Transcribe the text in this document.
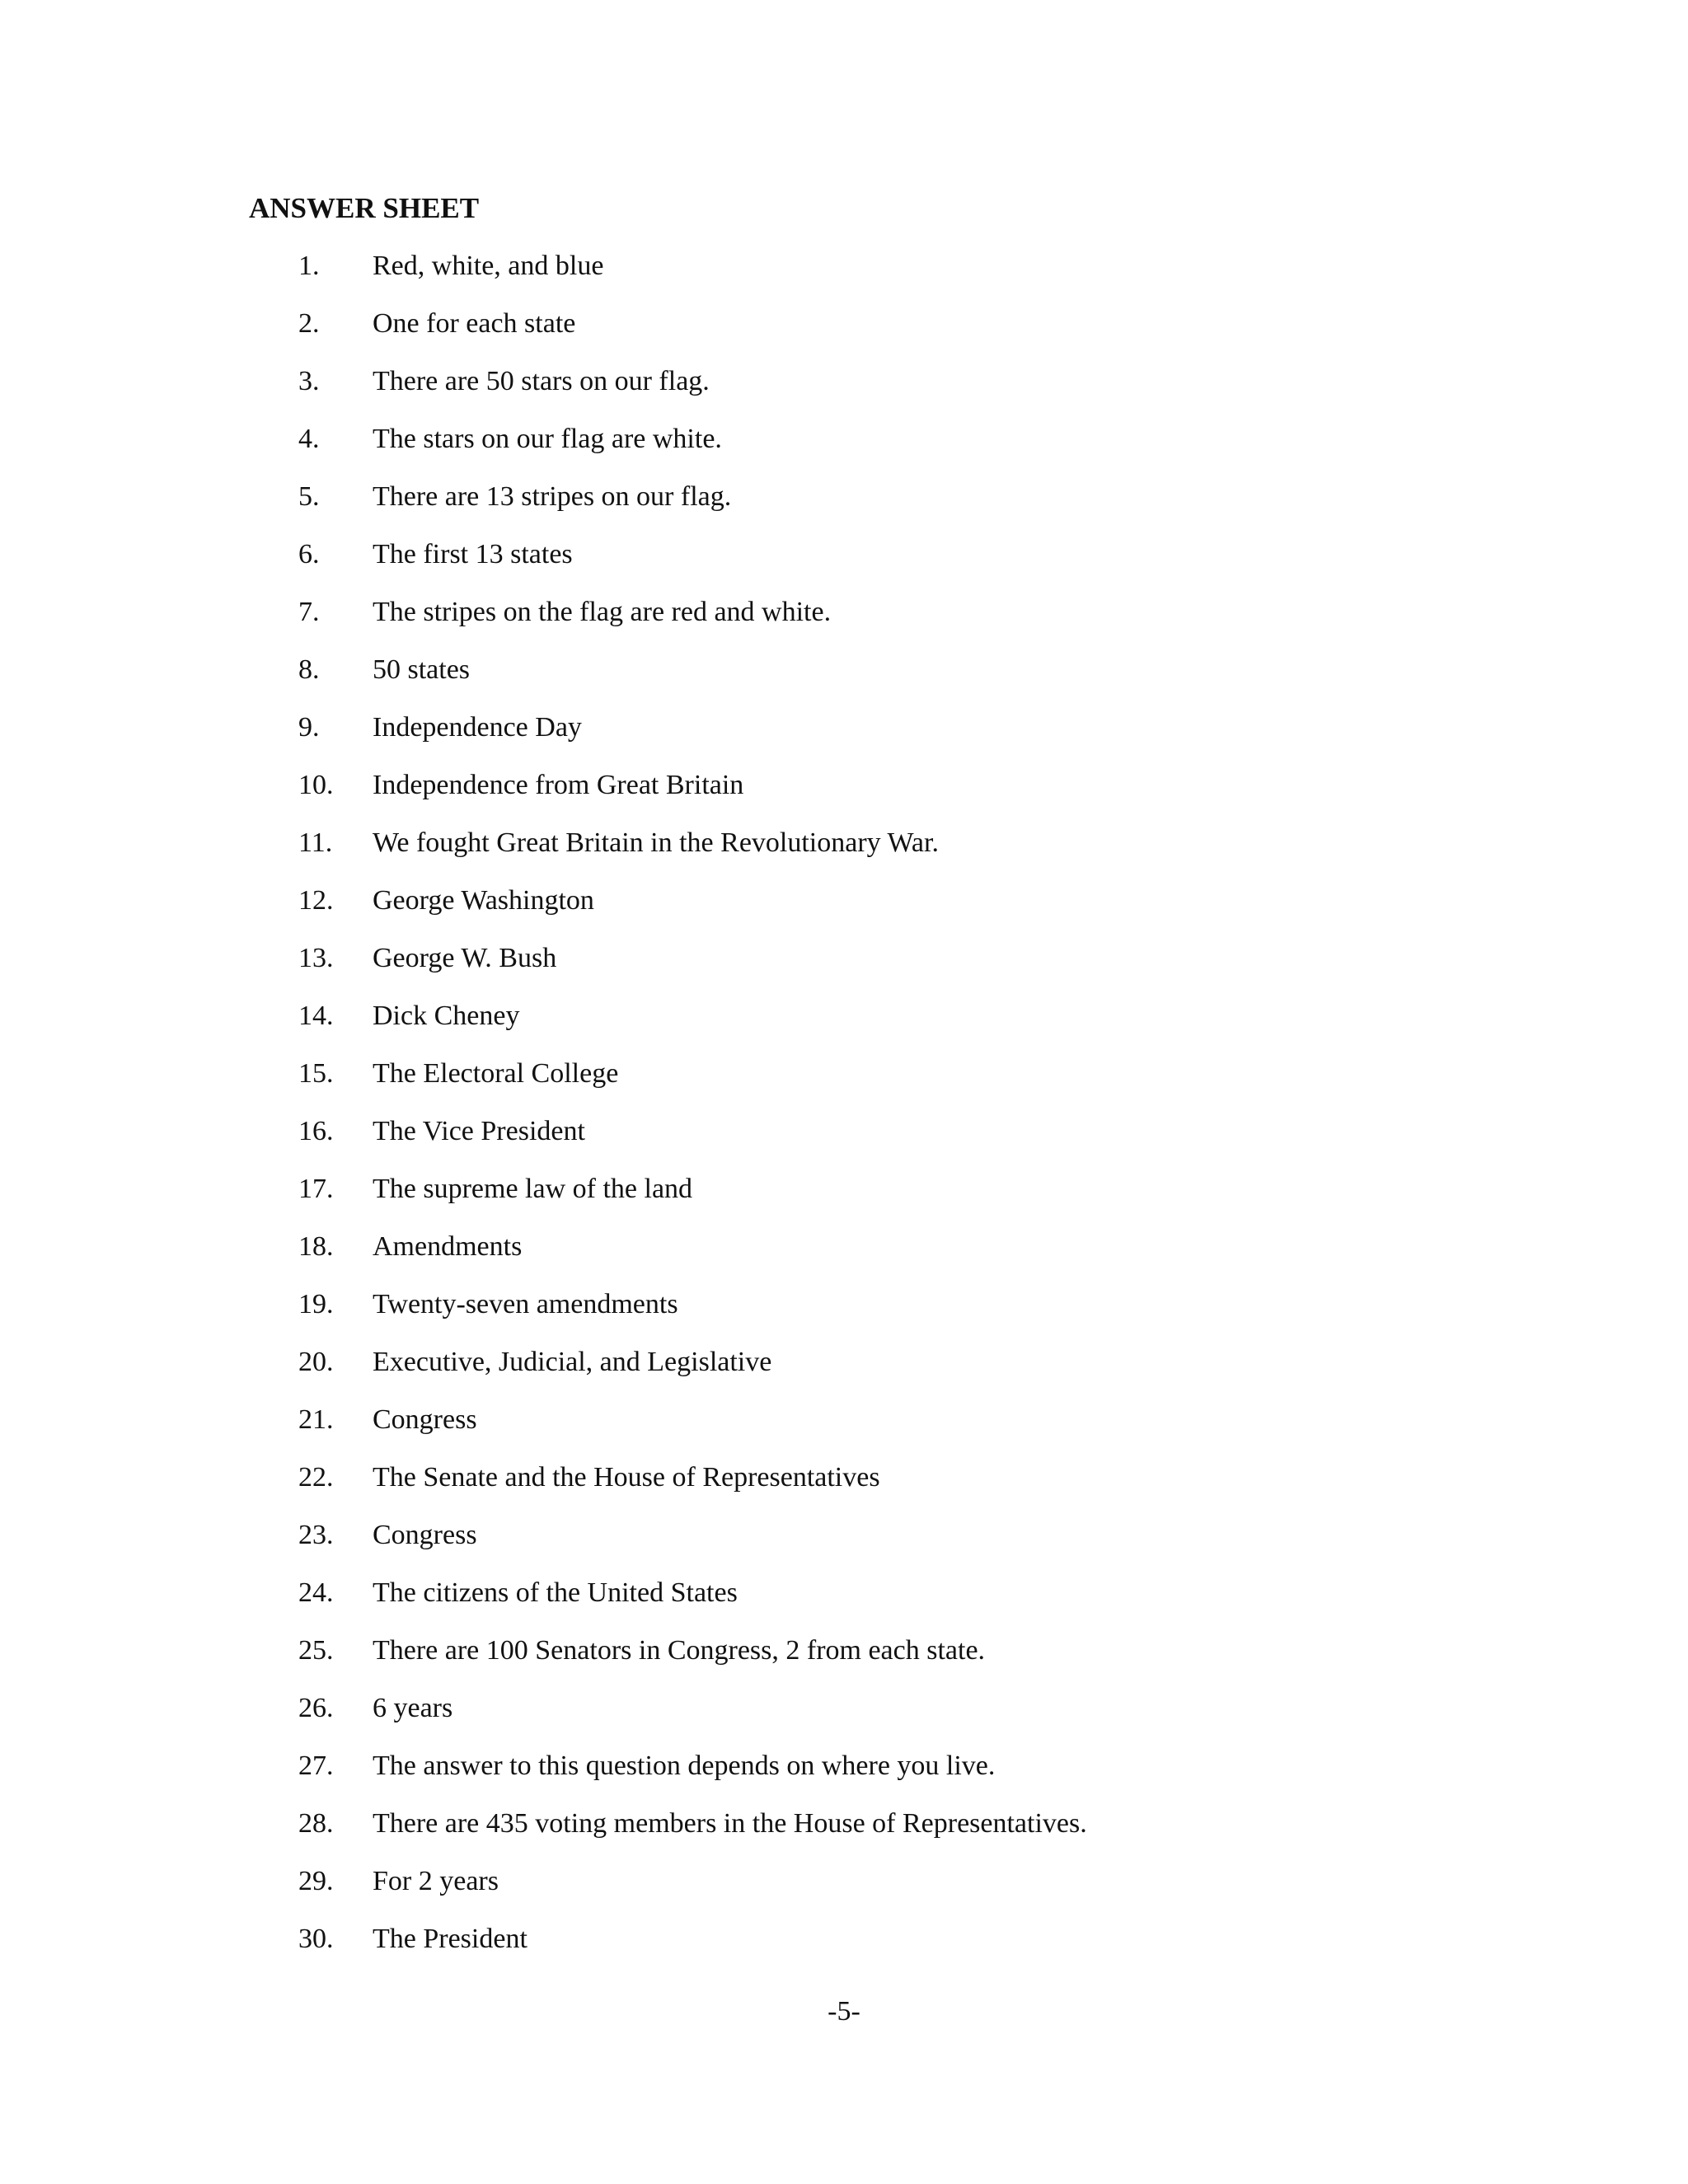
ANSWER SHEET
1. Red, white, and blue
2. One for each state
3. There are 50 stars on our flag.
4. The stars on our flag are white.
5. There are 13 stripes on our flag.
6. The first 13 states
7. The stripes on the flag are red and white.
8. 50 states
9. Independence Day
10. Independence from Great Britain
11. We fought Great Britain in the Revolutionary War.
12. George Washington
13. George W. Bush
14. Dick Cheney
15. The Electoral College
16. The Vice President
17. The supreme law of the land
18. Amendments
19. Twenty-seven amendments
20. Executive, Judicial, and Legislative
21. Congress
22. The Senate and the House of Representatives
23. Congress
24. The citizens of the United States
25. There are 100 Senators in Congress, 2 from each state.
26. 6 years
27. The answer to this question depends on where you live.
28. There are 435 voting members in the House of Representatives.
29. For 2 years
30. The President
-5-
